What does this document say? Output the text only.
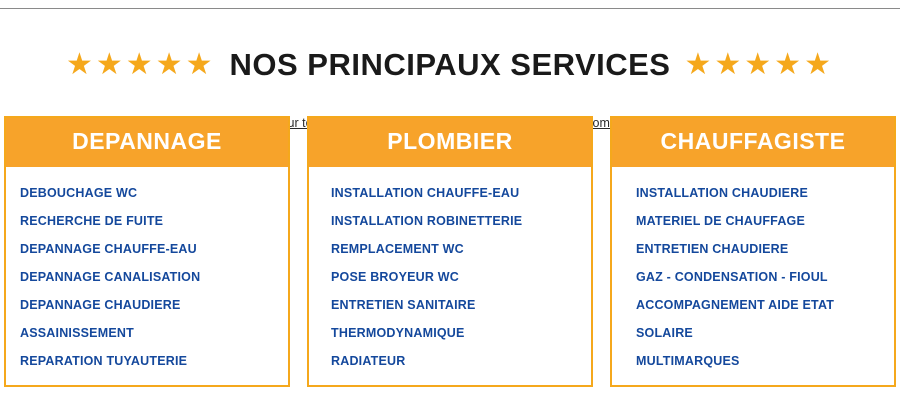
★★★★★ NOS PRINCIPAUX SERVICES ★★★★★
DEPANNAGE
DEBOUCHAGE WC
RECHERCHE DE FUITE
DEPANNAGE CHAUFFE-EAU
DEPANNAGE CANALISATION
DEPANNAGE CHAUDIERE
ASSAINISSEMENT
REPARATION TUYAUTERIE
PLOMBIER
INSTALLATION CHAUFFE-EAU
INSTALLATION ROBINETTERIE
REMPLACEMENT WC
POSE BROYEUR WC
ENTRETIEN SANITAIRE
THERMODYNAMIQUE
RADIATEUR
CHAUFFAGISTE
INSTALLATION CHAUDIERE
MATERIEL DE CHAUFFAGE
ENTRETIEN CHAUDIERE
GAZ - CONDENSATION - FIOUL
ACCOMPAGNEMENT AIDE ETAT
SOLAIRE
MULTIMARQUES
